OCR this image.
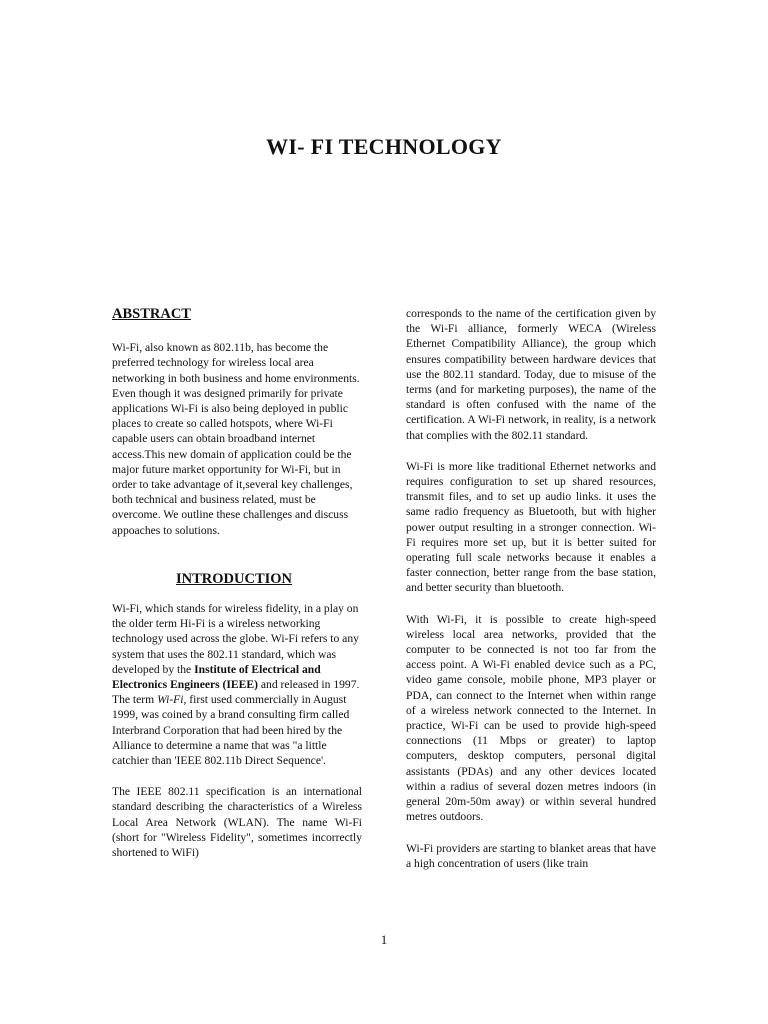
WI- FI TECHNOLOGY
ABSTRACT

Wi-Fi, also known as 802.11b, has become the preferred technology for wireless local area networking in both business and home environments. Even though it was designed primarily for private applications Wi-Fi is also being deployed in public places to create so called hotspots, where Wi-Fi capable users can obtain broadband internet access.This new domain of application could be the major future market opportunity for Wi-Fi, but in order to take advantage of it,several key challenges, both technical and business related, must be overcome. We outline these challenges and discuss appoaches to solutions.

INTRODUCTION

Wi-Fi, which stands for wireless fidelity, in a play on the older term Hi-Fi is a wireless networking technology used across the globe. Wi-Fi refers to any system that uses the 802.11 standard, which was developed by the Institute of Electrical and Electronics Engineers (IEEE) and released in 1997. The term Wi-Fi, first used commercially in August 1999, was coined by a brand consulting firm called Interbrand Corporation that had been hired by the Alliance to determine a name that was "a little catchier than 'IEEE 802.11b Direct Sequence'.

The IEEE 802.11 specification is an international standard describing the characteristics of a Wireless Local Area Network (WLAN). The name Wi-Fi (short for "Wireless Fidelity", sometimes incorrectly shortened to WiFi)

corresponds to the name of the certification given by the Wi-Fi alliance, formerly WECA (Wireless Ethernet Compatibility Alliance), the group which ensures compatibility between hardware devices that use the 802.11 standard. Today, due to misuse of the terms (and for marketing purposes), the name of the standard is often confused with the name of the certification. A Wi-Fi network, in reality, is a network that complies with the 802.11 standard.

Wi-Fi is more like traditional Ethernet networks and requires configuration to set up shared resources, transmit files, and to set up audio links. it uses the same radio frequency as Bluetooth, but with higher power output resulting in a stronger connection. Wi-Fi requires more set up, but it is better suited for operating full scale networks because it enables a faster connection, better range from the base station, and better security than bluetooth.

With Wi-Fi, it is possible to create high-speed wireless local area networks, provided that the computer to be connected is not too far from the access point. A Wi-Fi enabled device such as a PC, video game console, mobile phone, MP3 player or PDA, can connect to the Internet when within range of a wireless network connected to the Internet. In practice, Wi-Fi can be used to provide high-speed connections (11 Mbps or greater) to laptop computers, desktop computers, personal digital assistants (PDAs) and any other devices located within a radius of several dozen metres indoors (in general 20m-50m away) or within several hundred metres outdoors.

Wi-Fi providers are starting to blanket areas that have a high concentration of users (like train

1
